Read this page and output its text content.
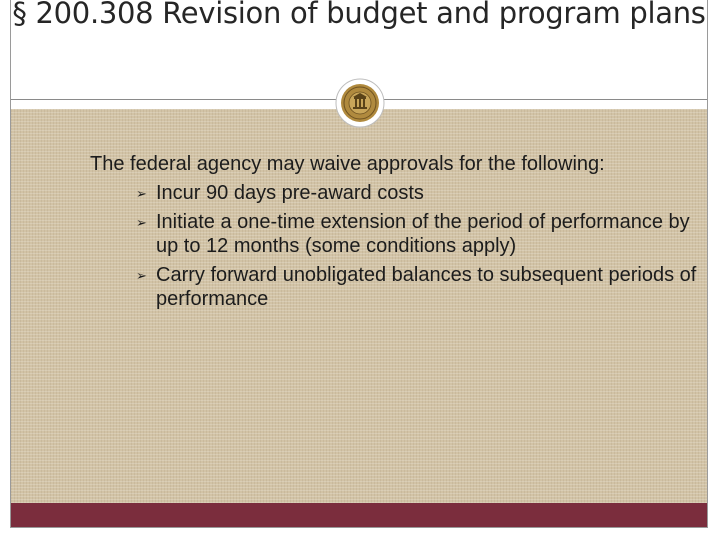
§ 200.308 Revision of budget and program plans

The federal agency may waive approvals for the following:

➢ Incur 90 days pre-award costs
➢ Initiate a one-time extension of the period of performance by up to 12 months (some conditions apply)
➢ Carry forward unobligated balances to subsequent periods of performance
